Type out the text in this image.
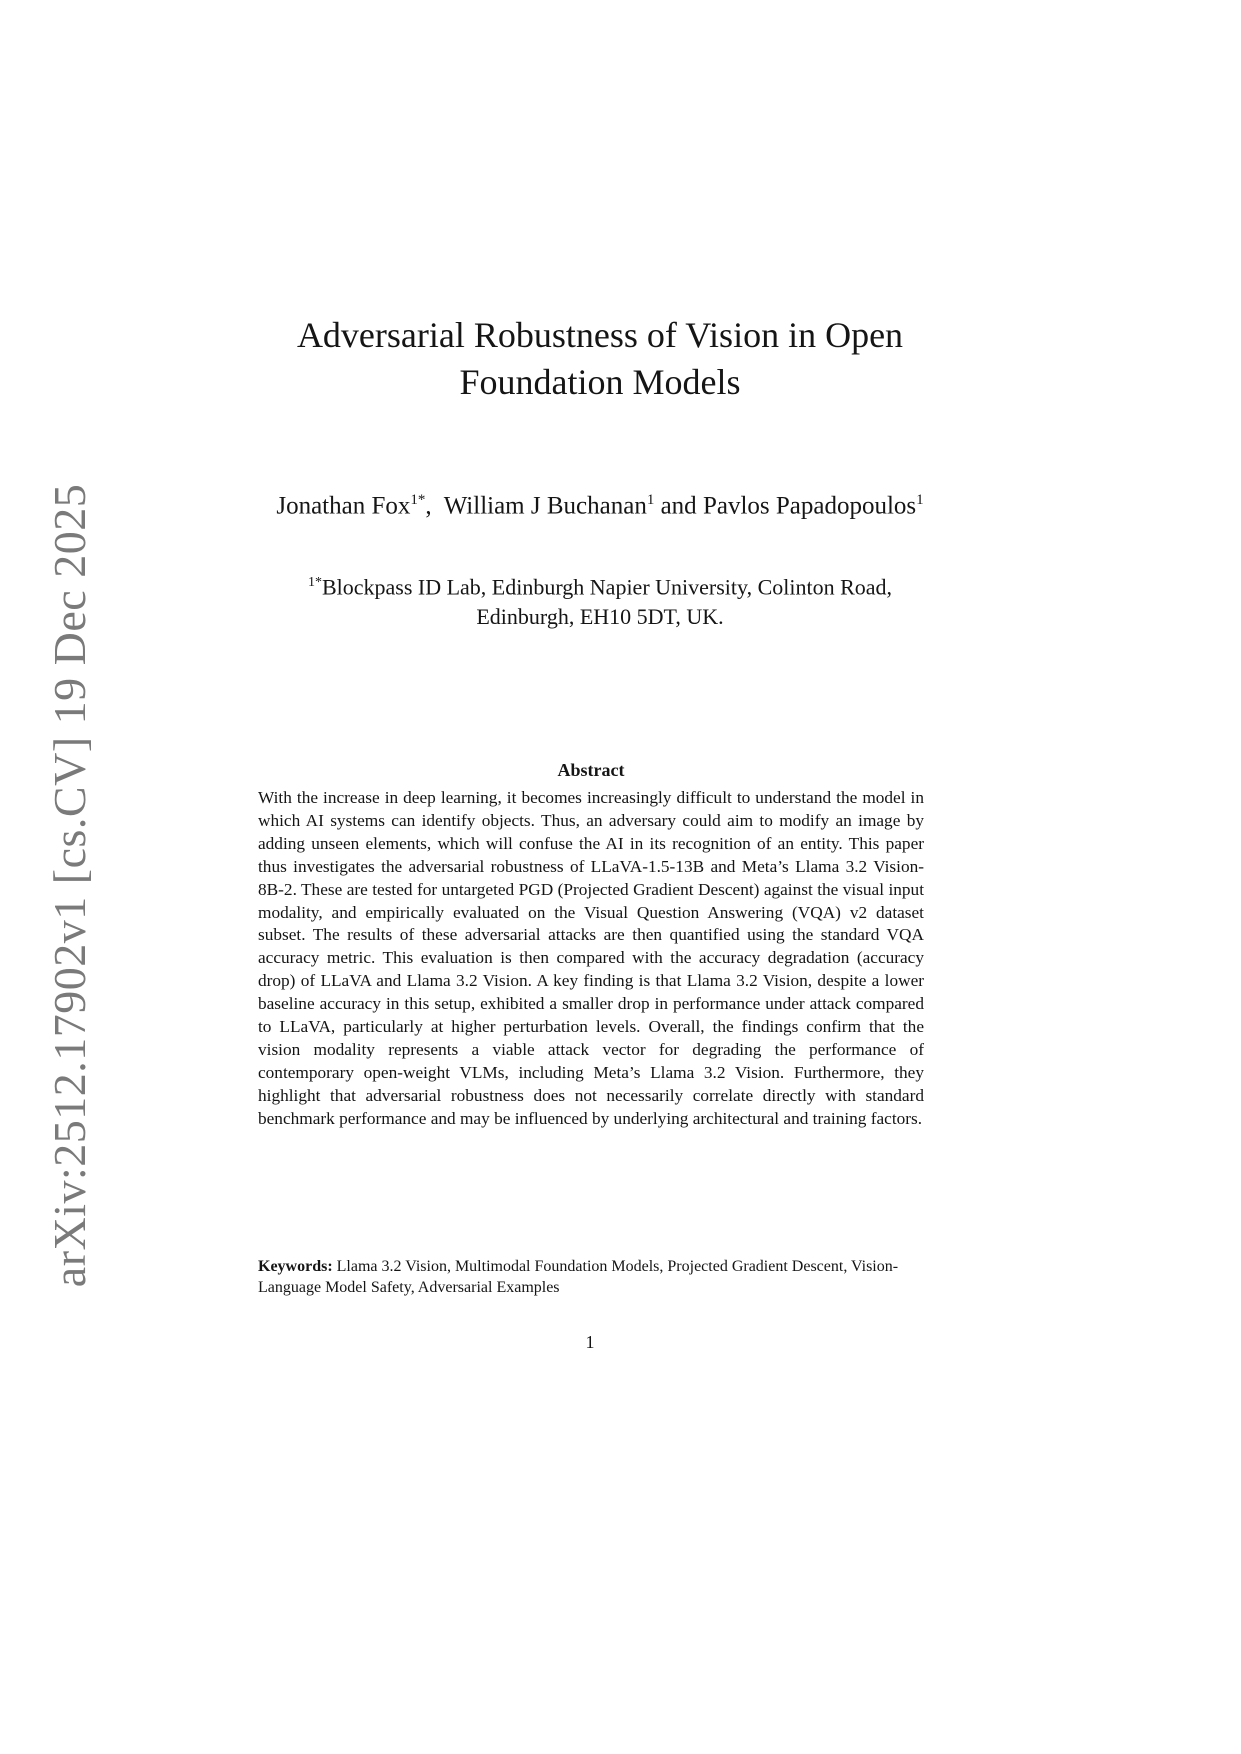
arXiv:2512.17902v1 [cs.CV] 19 Dec 2025
Adversarial Robustness of Vision in Open
Foundation Models
Jonathan Fox$^{1*}$,  William J Buchanan$^1$ and Pavlos Papadopoulos$^1$
$^{1*}$Blockpass ID Lab, Edinburgh Napier University, Colinton Road,
Edinburgh, EH10 5DT, UK.
Abstract

With the increase in deep learning, it becomes increasingly difficult to understand the model in which AI systems can identify objects. Thus, an adversary could aim to modify an image by adding unseen elements, which will confuse the AI in its recognition of an entity. This paper thus investigates the adversarial robustness of LLaVA-1.5-13B and Meta’s Llama 3.2 Vision-8B-2. These are tested for untargeted PGD (Projected Gradient Descent) against the visual input modality, and empirically evaluated on the Visual Question Answering (VQA) v2 dataset subset. The results of these adversarial attacks are then quantified using the standard VQA accuracy metric. This evaluation is then compared with the accuracy degradation (accuracy drop) of LLaVA and Llama 3.2 Vision. A key finding is that Llama 3.2 Vision, despite a lower baseline accuracy in this setup, exhibited a smaller drop in performance under attack compared to LLaVA, particularly at higher perturbation levels. Overall, the findings confirm that the vision modality represents a viable attack vector for degrading the performance of contemporary open-weight VLMs, including Meta’s Llama 3.2 Vision. Furthermore, they highlight that adversarial robustness does not necessarily correlate directly with standard benchmark performance and may be influenced by underlying architectural and training factors.

Keywords: Llama 3.2 Vision, Multimodal Foundation Models, Projected Gradient Descent, Vision-Language Model Safety, Adversarial Examples
1
